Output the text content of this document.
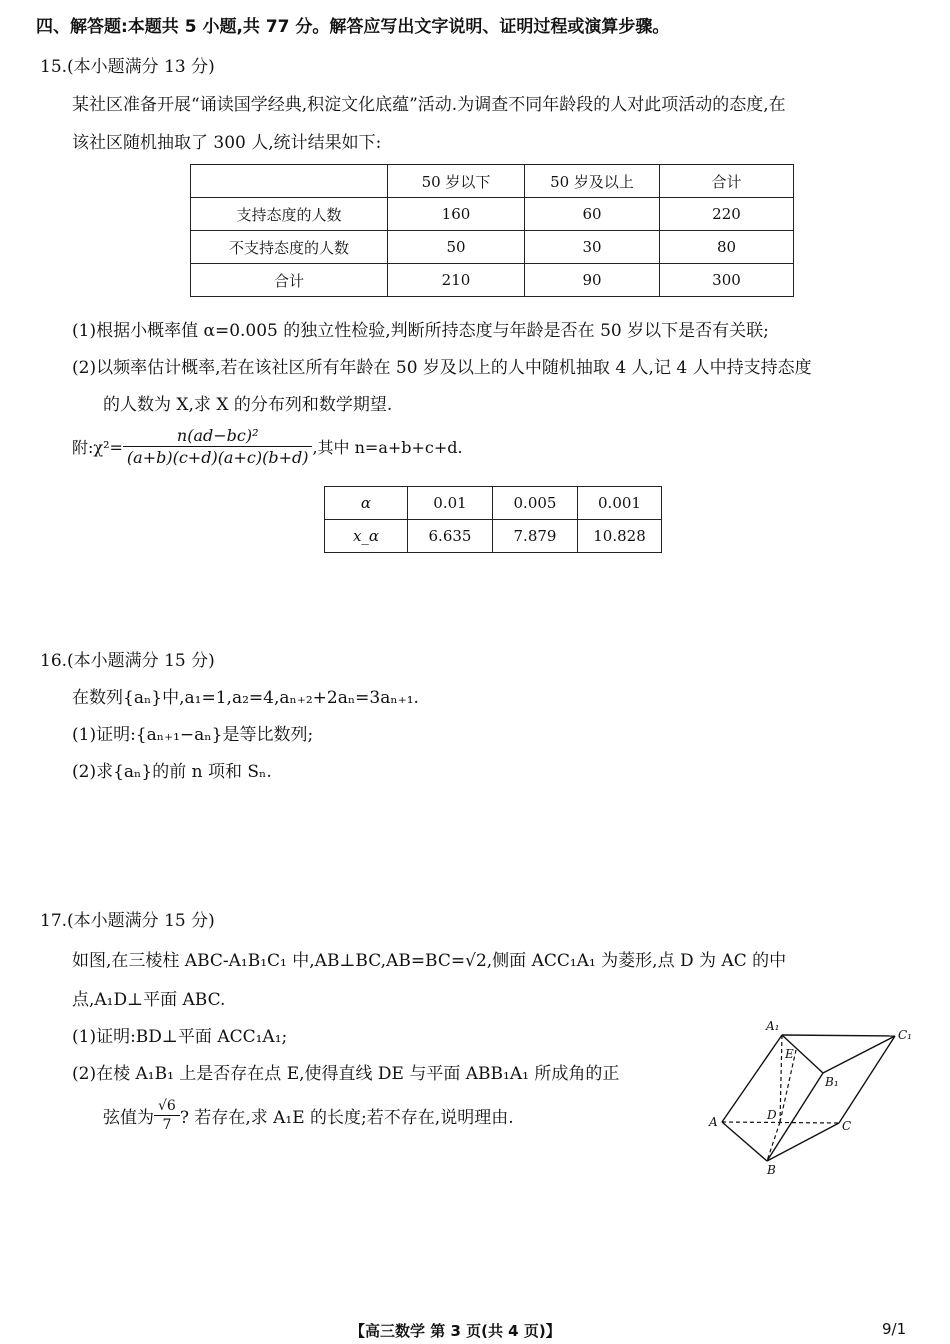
四、解答题:本题共 5 小题,共 77 分。解答应写出文字说明、证明过程或演算步骤。
15.(本小题满分 13 分)
某社区准备开展“诵读国学经典,积淀文化底蕴”活动.为调查不同年龄段的人对此项活动的态度,在
该社区随机抽取了 300 人,统计结果如下:
	50 岁以下	50 岁及以上	合计
支持态度的人数	160	60	220
不支持态度的人数	50	30	80
合计	210	90	300
(1)根据小概率值 α=0.005 的独立性检验,判断所持态度与年龄是否在 50 岁以下是否有关联;
(2)以频率估计概率,若在该社区所有年龄在 50 岁及以上的人中随机抽取 4 人,记 4 人中持支持态度
的人数为 X,求 X 的分布列和数学期望.
附:χ²= $\frac{\text{n(ad−bc)²}}{(a+b)(c+d)(a+c)(b+d)}$ ,其中 n=a+b+c+d.
α	0.01	0.005	0.001
x_α	6.635	7.879	10.828
16.(本小题满分 15 分)
在数列{aₙ}中,a₁=1,a₂=4,aₙ₊₂+2aₙ=3aₙ₊₁.
(1)证明:{aₙ₊₁−aₙ}是等比数列;
(2)求{aₙ}的前 n 项和 Sₙ.
17.(本小题满分 15 分)
如图,在三棱柱 ABC-A₁B₁C₁ 中,AB⊥BC,AB=BC=√2,侧面 ACC₁A₁ 为菱形,点 D 为 AC 的中
点,A₁D⊥平面 ABC.
(1)证明:BD⊥平面 ACC₁A₁;
(2)在棱 A₁B₁ 上是否存在点 E,使得直线 DE 与平面 ABB₁A₁ 所成角的正
弦值为 $\frac{√6}{7}$ ? 若存在,求 A₁E 的长度;若不存在,说明理由.
A₁
C₁
E
B₁
A	D
C
B
【高三数学 第 3 页(共 4 页)】	9/1
